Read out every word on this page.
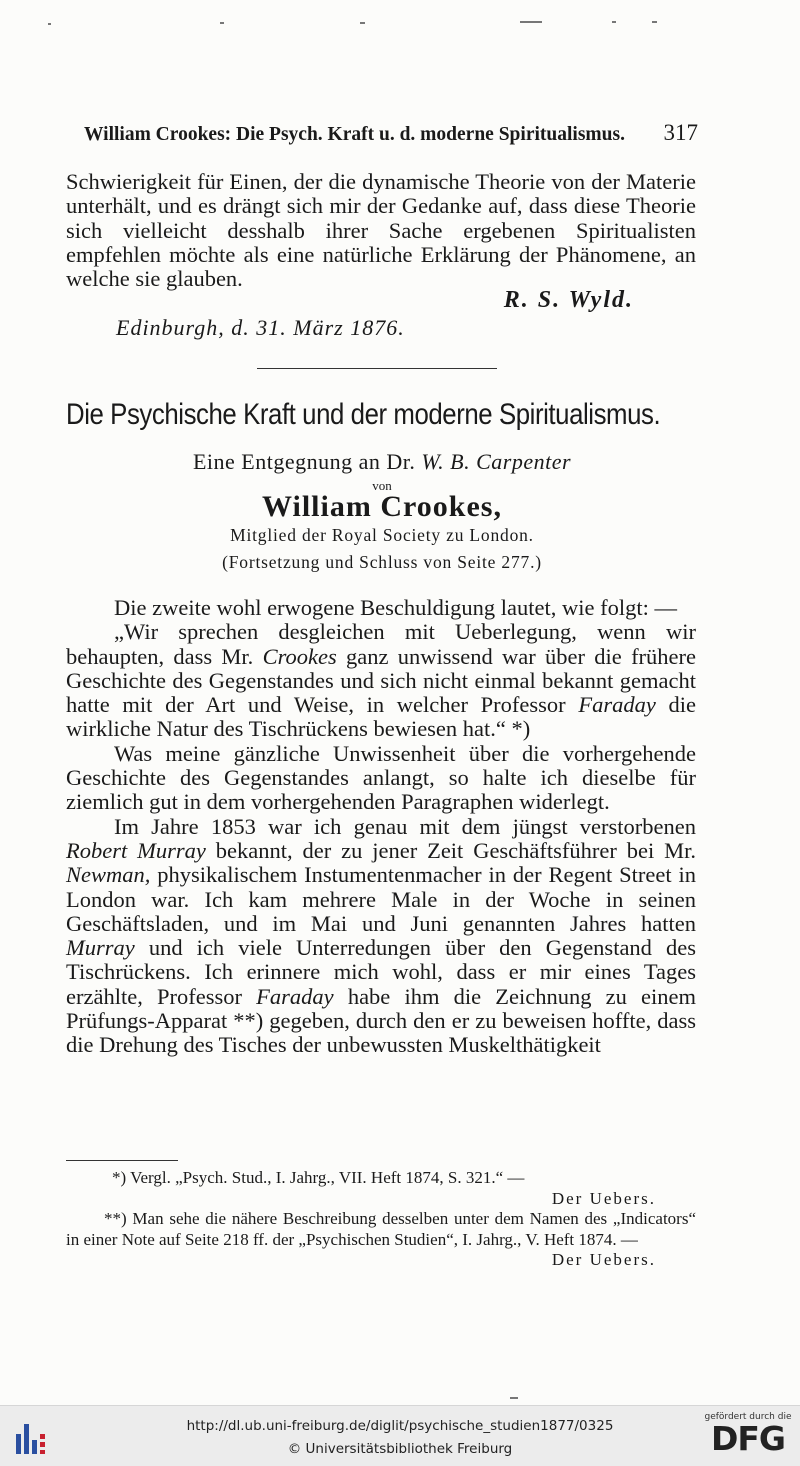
William Crookes: Die Psych. Kraft u. d. moderne Spiritualismus. 317

Schwierigkeit für Einen, der die dynamische Theorie von der Materie unterhält, und es drängt sich mir der Gedanke auf, dass diese Theorie sich vielleicht desshalb ihrer Sache ergebenen Spiritualisten empfehlen möchte als eine natürliche Erklärung der Phänomene, an welche sie glauben.

R. S. Wyld.
Edinburgh, d. 31. März 1876.
Die Psychische Kraft und der moderne Spiritualismus.
Eine Entgegnung an Dr. W. B. Carpenter
von
William Crookes,
Mitglied der Royal Society zu London.
(Fortsetzung und Schluss von Seite 277.)

Die zweite wohl erwogene Beschuldigung lautet, wie folgt: —

„Wir sprechen desgleichen mit Ueberlegung, wenn wir behaupten, dass Mr. Crookes ganz unwissend war über die frühere Geschichte des Gegenstandes und sich nicht einmal bekannt gemacht hatte mit der Art und Weise, in welcher Professor Faraday die wirkliche Natur des Tischrückens bewiesen hat.“ *)

Was meine gänzliche Unwissenheit über die vorhergehende Geschichte des Gegenstandes anlangt, so halte ich dieselbe für ziemlich gut in dem vorhergehenden Paragraphen widerlegt.

Im Jahre 1853 war ich genau mit dem jüngst verstorbenen Robert Murray bekannt, der zu jener Zeit Geschäftsführer bei Mr. Newman, physikalischem Instumentenmacher in der Regent Street in London war. Ich kam mehrere Male in der Woche in seinen Geschäftsladen, und im Mai und Juni genannten Jahres hatten Murray und ich viele Unterredungen über den Gegenstand des Tischrückens. Ich erinnere mich wohl, dass er mir eines Tages erzählte, Professor Faraday habe ihm die Zeichnung zu einem Prüfungs-Apparat **) gegeben, durch den er zu beweisen hoffte, dass die Drehung des Tisches der unbewussten Muskelthätigkeit

*) Vergl. „Psych. Stud., I. Jahrg., VII. Heft 1874, S. 321.“ —

Der Uebers.

**) Man sehe die nähere Beschreibung desselben unter dem Namen des „Indicators“ in einer Note auf Seite 218 ff. der „Psychischen Studien“, I. Jahrg., V. Heft 1874. —
Der Uebers.

http://dl.ub.uni-freiburg.de/diglit/psychische_studien1877/0325
© Universitätsbibliothek Freiburg
gefördert durch die
DFG
